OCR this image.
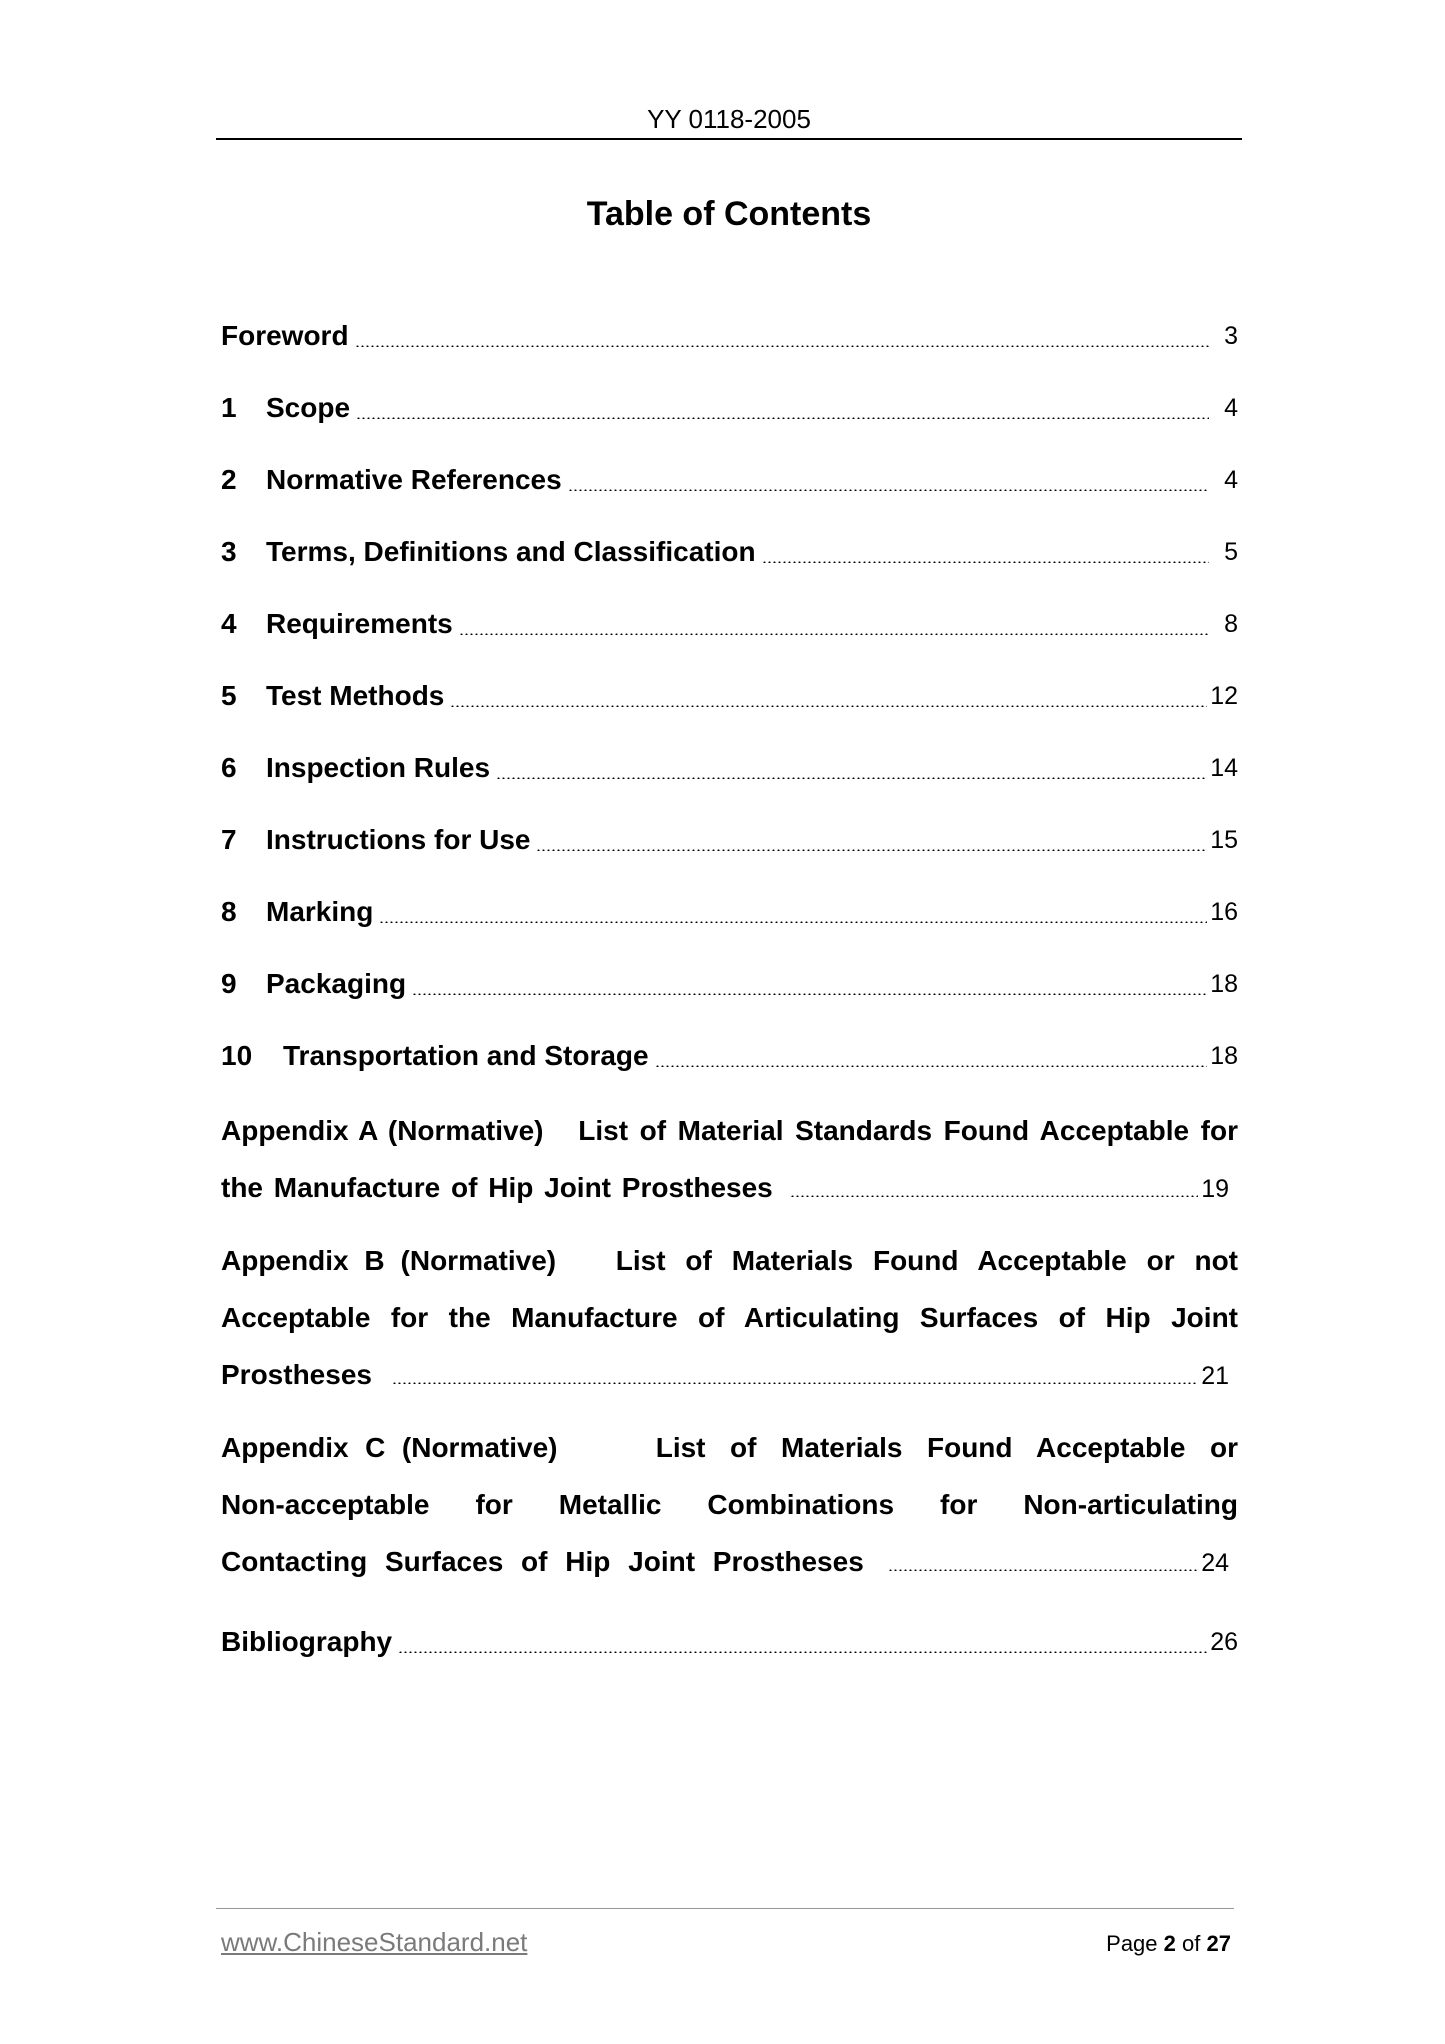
YY 0118-2005
Table of Contents
Foreword	3
1	Scope	4
2	Normative References	4
3	Terms, Definitions and Classification	5
4	Requirements	8
5	Test Methods	12
6	Inspection Rules	14
7	Instructions for Use	15
8	Marking	16
9	Packaging	18
10	Transportation and Storage	18
Appendix A (Normative) List of Material Standards Found Acceptable for the Manufacture of Hip Joint Prostheses	19
Appendix B (Normative) List of Materials Found Acceptable or not Acceptable for the Manufacture of Articulating Surfaces of Hip Joint Prostheses	21
Appendix C (Normative)	List of Materials Found Acceptable or Non-acceptable for Metallic Combinations for Non-articulating Contacting Surfaces of Hip Joint Prostheses	24
Bibliography	26
www.ChineseStandard.net	Page 2 of 27
